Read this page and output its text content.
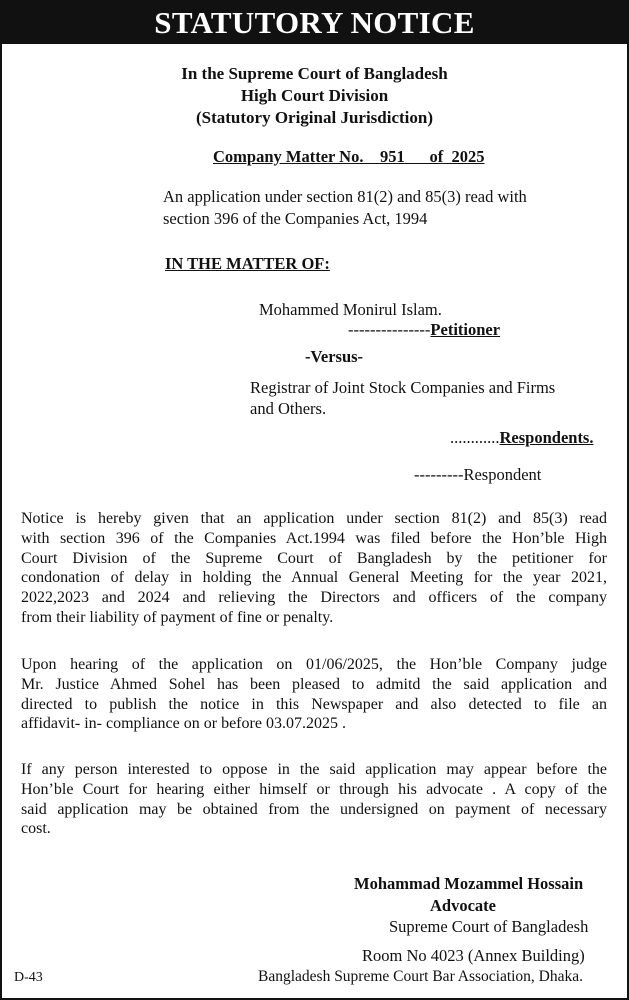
STATUTORY NOTICE
In the Supreme Court of Bangladesh
High Court Division
(Statutory Original Jurisdiction)
Company Matter No. 951 of 2025
An application under section 81(2) and 85(3) read with
section 396 of the Companies Act, 1994
IN THE MATTER OF:
Mohammed Monirul Islam.
---------------Petitioner
-Versus-
Registrar of Joint Stock Companies and Firms
and Others.
............Respondents.
---------Respondent
Notice is hereby given that an application under section 81(2) and 85(3) read
with section 396 of the Companies Act.1994 was filed before the Hon’ble High
Court Division of the Supreme Court of Bangladesh by the petitioner for
condonation of delay in holding the Annual General Meeting for the year 2021,
2022,2023 and 2024 and relieving the Directors and officers of the company
from their liability of payment of fine or penalty.
Upon hearing of the application on 01/06/2025, the Hon’ble Company judge
Mr. Justice Ahmed Sohel has been pleased to admitd the said application and
directed to publish the notice in this Newspaper and also detected to file an
affidavit- in- compliance on or before 03.07.2025 .
If any person interested to oppose in the said application may appear before the
Hon’ble Court for hearing either himself or through his advocate . A copy of the
said application may be obtained from the undersigned on payment of necessary
cost.
Mohammad Mozammel Hossain
Advocate
Supreme Court of Bangladesh
Room No 4023 (Annex Building)
Bangladesh Supreme Court Bar Association, Dhaka.
D-43
